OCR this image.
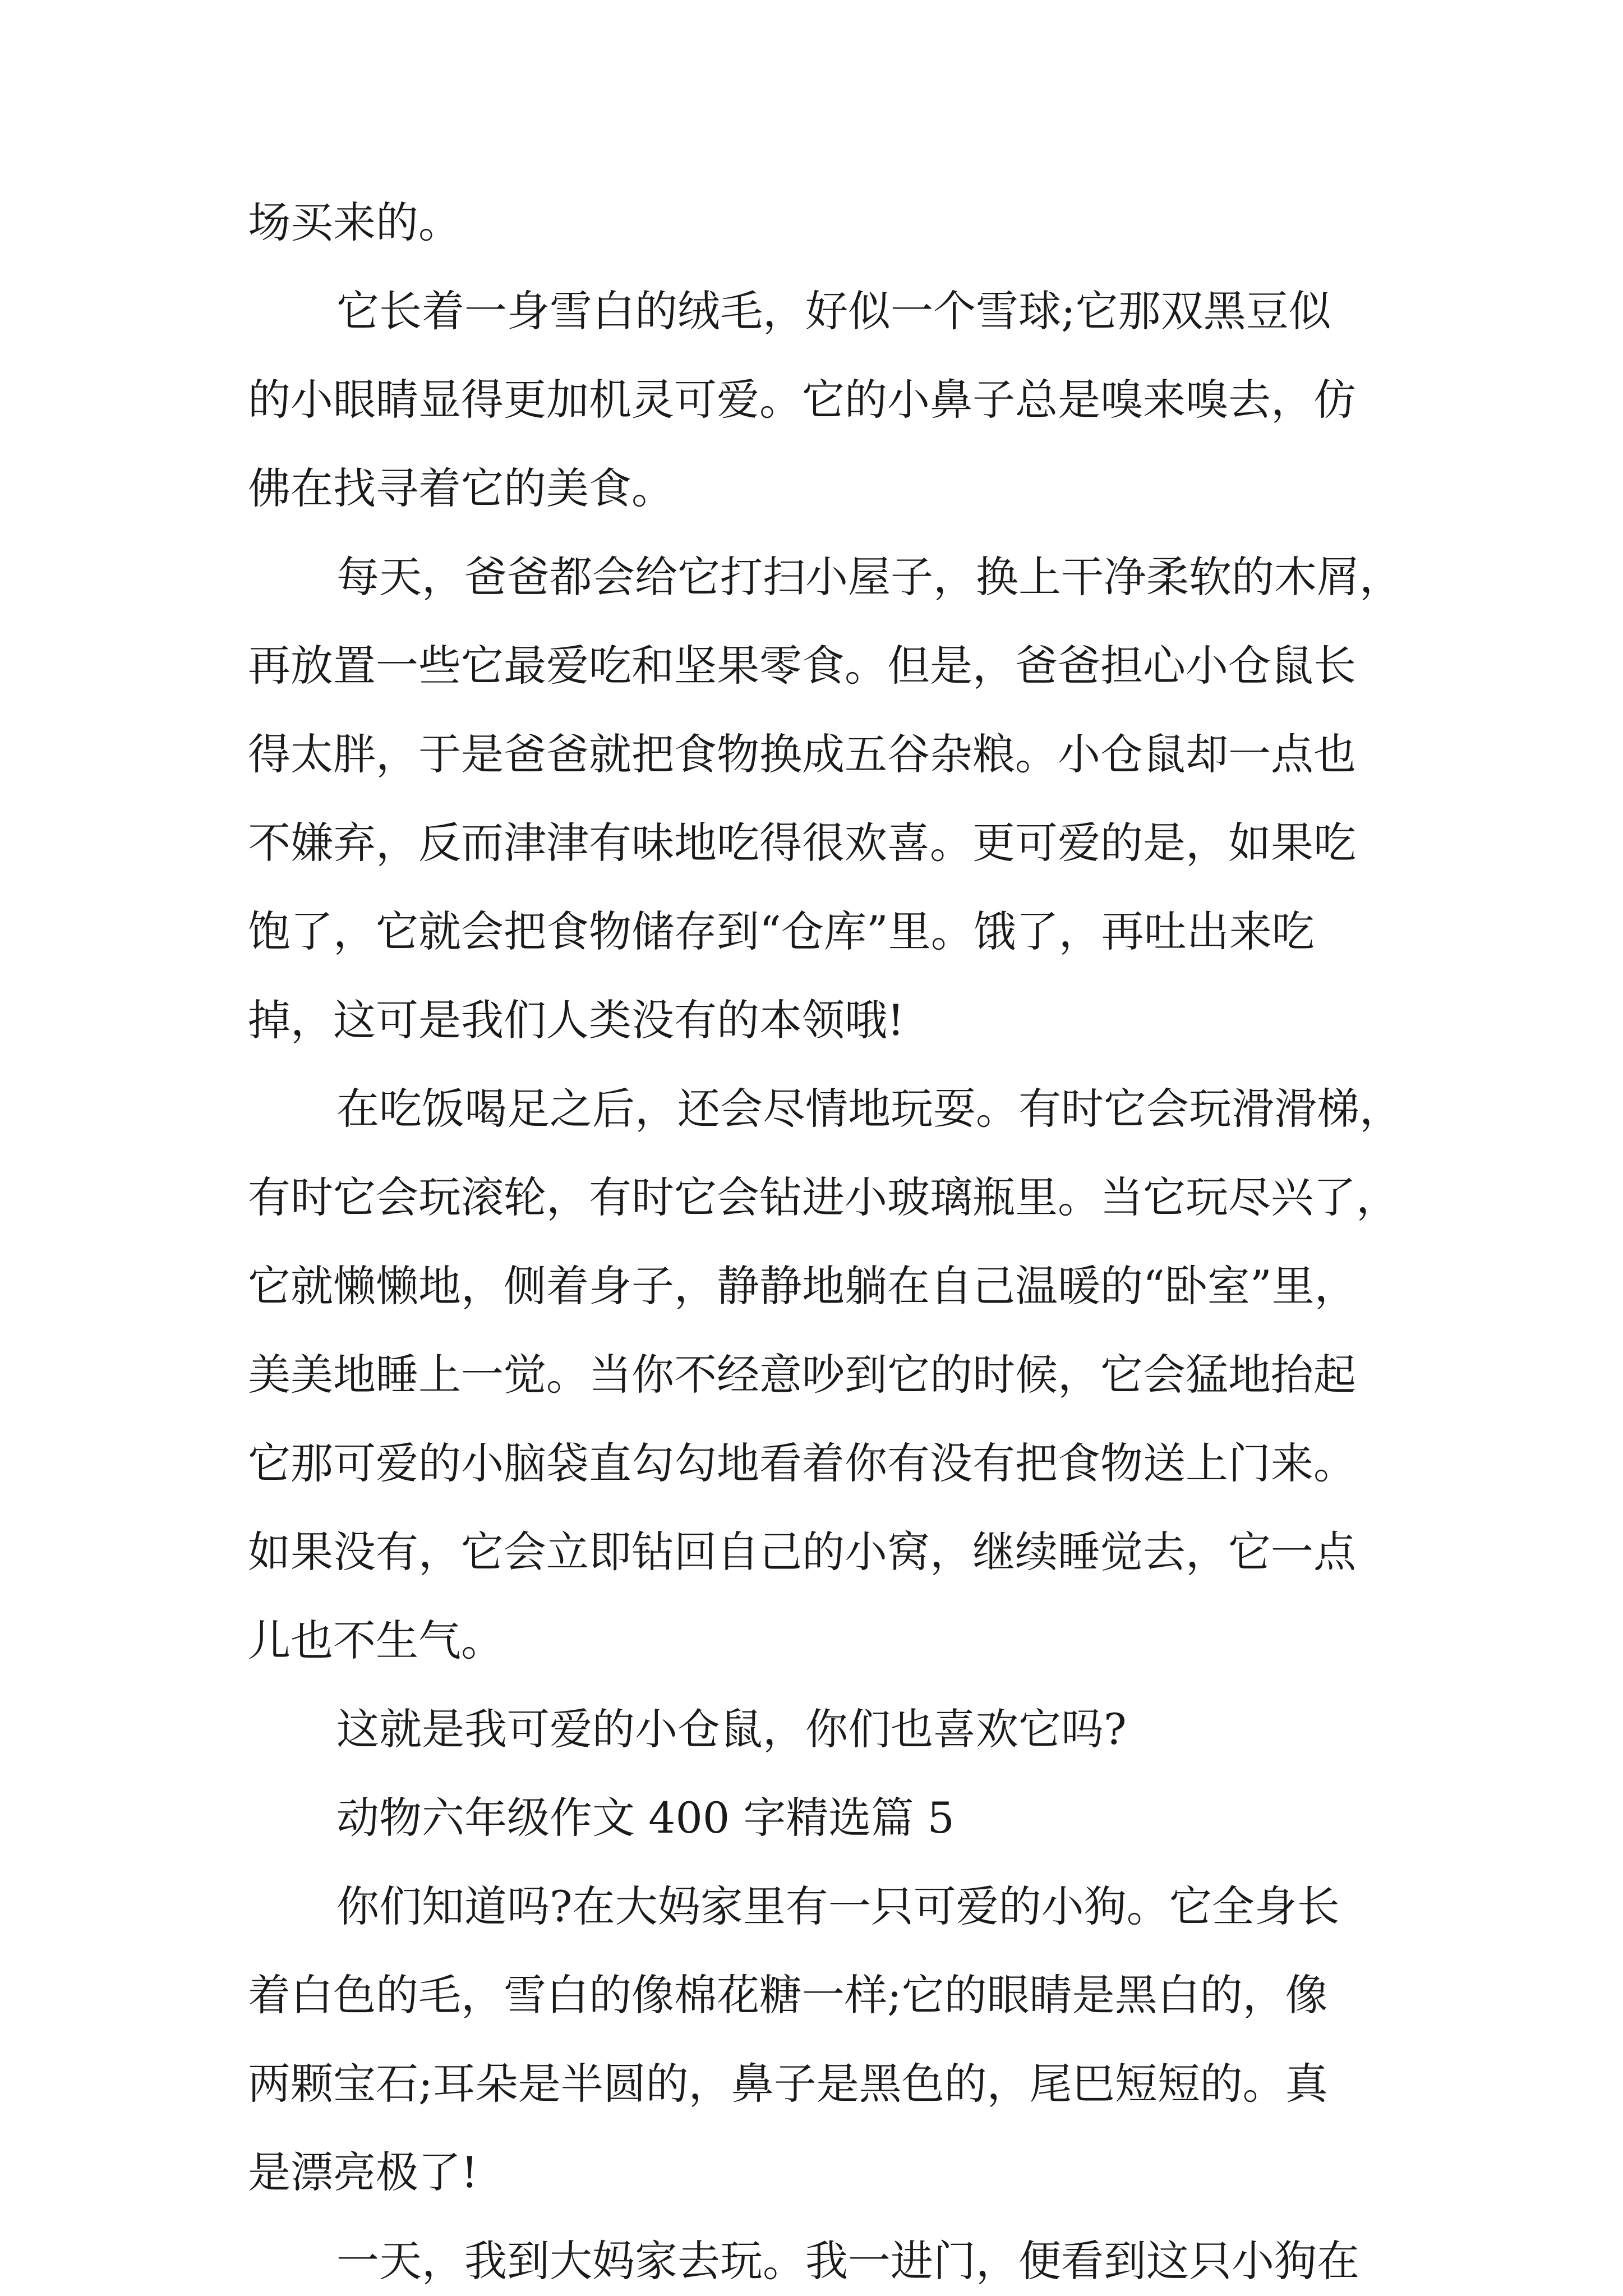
场买来的。
它长着一身雪白的绒毛，好似一个雪球;它那双黑豆似
的小眼睛显得更加机灵可爱。它的小鼻子总是嗅来嗅去，仿
佛在找寻着它的美食。
每天，爸爸都会给它打扫小屋子，换上干净柔软的木屑，
再放置一些它最爱吃和坚果零食。但是，爸爸担心小仓鼠长
得太胖，于是爸爸就把食物换成五谷杂粮。小仓鼠却一点也
不嫌弃，反而津津有味地吃得很欢喜。更可爱的是，如果吃
饱了，它就会把食物储存到“仓库”里。饿了，再吐出来吃
掉，这可是我们人类没有的本领哦!
在吃饭喝足之后，还会尽情地玩耍。有时它会玩滑滑梯，
有时它会玩滚轮，有时它会钻进小玻璃瓶里。当它玩尽兴了，
它就懒懒地，侧着身子，静静地躺在自己温暖的“卧室”里，
美美地睡上一觉。当你不经意吵到它的时候，它会猛地抬起
它那可爱的小脑袋直勾勾地看着你有没有把食物送上门来。
如果没有，它会立即钻回自己的小窝，继续睡觉去，它一点
儿也不生气。
这就是我可爱的小仓鼠，你们也喜欢它吗?
动物六年级作文 400 字精选篇 5
你们知道吗?在大妈家里有一只可爱的小狗。它全身长
着白色的毛，雪白的像棉花糖一样;它的眼睛是黑白的，像
两颗宝石;耳朵是半圆的，鼻子是黑色的，尾巴短短的。真
是漂亮极了!
一天，我到大妈家去玩。我一进门，便看到这只小狗在
